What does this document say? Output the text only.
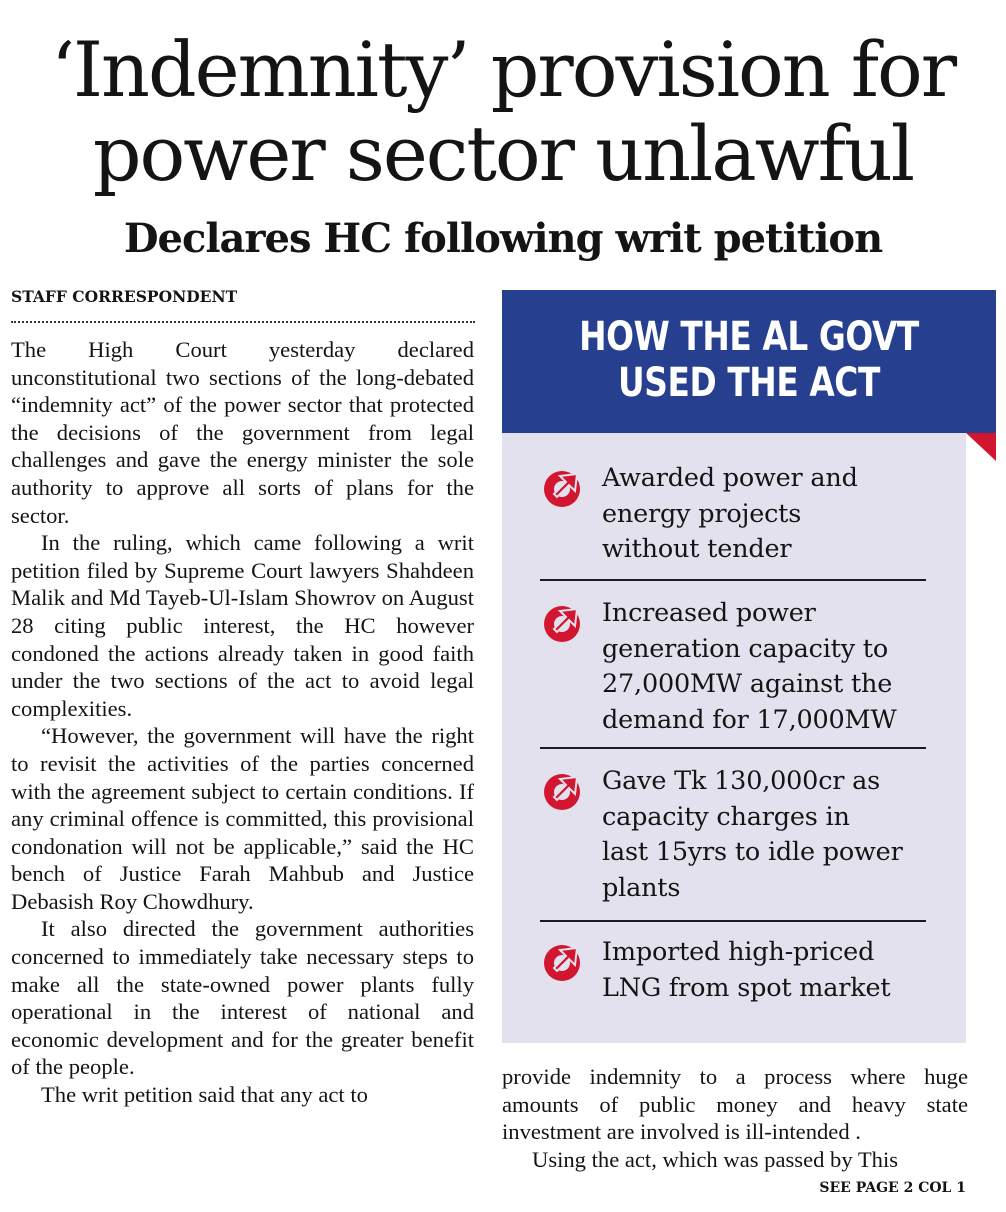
‘Indemnity’ provision for
power sector unlawful
Declares HC following writ petition
STAFF CORRESPONDENT

The High Court yesterday declared unconstitutional two sections of the long-debated “indemnity act” of the power sector that protected the decisions of the government from legal challenges and gave the energy minister the sole authority to approve all sorts of plans for the sector.

In the ruling, which came following a writ petition filed by Supreme Court lawyers Shahdeen Malik and Md Tayeb-Ul-Islam Showrov on August 28 citing public interest, the HC however condoned the actions already taken in good faith under the two sections of the act to avoid legal complexities.

“However, the government will have the right to revisit the activities of the parties concerned with the agreement subject to certain conditions. If any criminal offence is committed, this provisional condonation will not be applicable,” said the HC bench of Justice Farah Mahbub and Justice Debasish Roy Chowdhury.

It also directed the government authorities concerned to immediately take necessary steps to make all the state-owned power plants fully operational in the interest of national and economic development and for the greater benefit of the people.

The writ petition said that any act to

HOW THE AL GOVT
USED THE ACT
Awarded power and
energy projects
without tender
Increased power
generation capacity to
27,000MW against the
demand for 17,000MW
Gave Tk 130,000cr as
capacity charges in
last 15yrs to idle power
plants
Imported high-priced
LNG from spot market

provide indemnity to a process where huge amounts of public money and heavy state investment are involved is ill-intended .

Using the act, which was passed by This

SEE PAGE 2 COL 1
